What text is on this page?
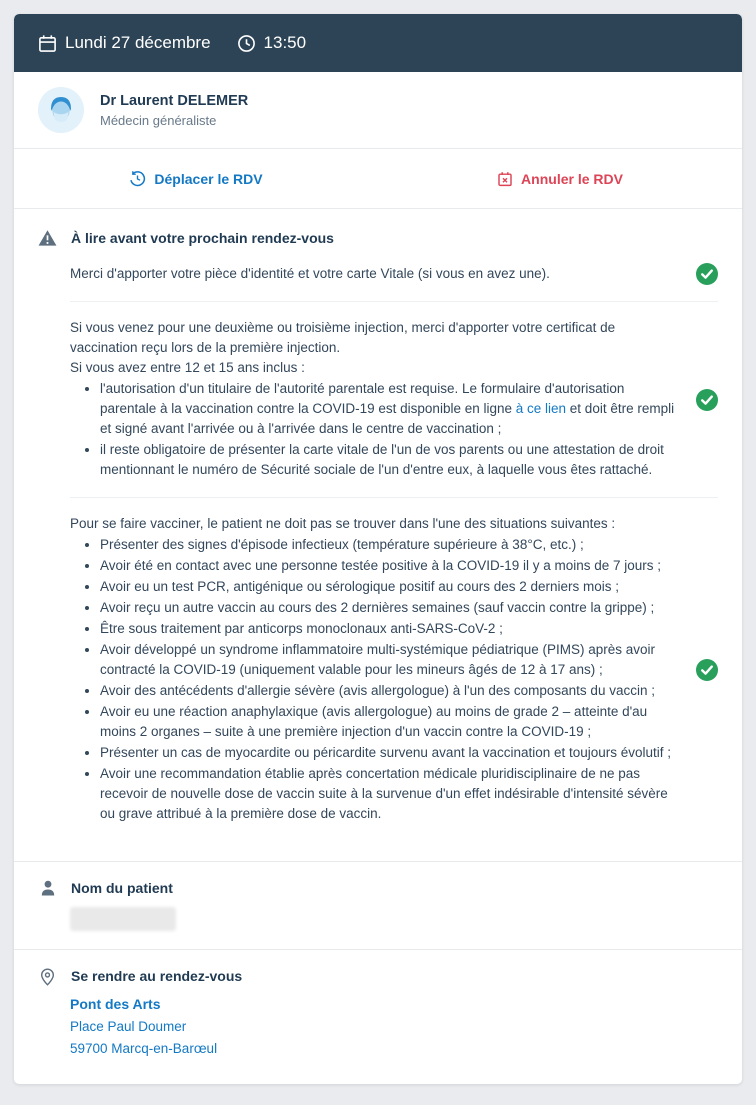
Lundi 27 décembre	13:50
Dr Laurent DELEMER
Médecin généraliste
Déplacer le RDV	Annuler le RDV
À lire avant votre prochain rendez-vous
Merci d'apporter votre pièce d'identité et votre carte Vitale (si vous en avez une).

Si vous venez pour une deuxième ou troisième injection, merci d'apporter votre certificat de vaccination reçu lors de la première injection.

Si vous avez entre 12 et 15 ans inclus :

• l'autorisation d'un titulaire de l'autorité parentale est requise. Le formulaire d'autorisation parentale à la vaccination contre la COVID-19 est disponible en ligne à ce lien et doit être rempli et signé avant l'arrivée ou à l'arrivée dans le centre de vaccination ;
• il reste obligatoire de présenter la carte vitale de l'un de vos parents ou une attestation de droit mentionnant le numéro de Sécurité sociale de l'un d'entre eux, à laquelle vous êtes rattaché.

Pour se faire vacciner, le patient ne doit pas se trouver dans l'une des situations suivantes :

• Présenter des signes d'épisode infectieux (température supérieure à 38°C, etc.) ;
• Avoir été en contact avec une personne testée positive à la COVID-19 il y a moins de 7 jours ;
• Avoir eu un test PCR, antigénique ou sérologique positif au cours des 2 derniers mois ;
• Avoir reçu un autre vaccin au cours des 2 dernières semaines (sauf vaccin contre la grippe) ;
• Être sous traitement par anticorps monoclonaux anti-SARS-CoV-2 ;
• Avoir développé un syndrome inflammatoire multi-systémique pédiatrique (PIMS) après avoir contracté la COVID-19 (uniquement valable pour les mineurs âgés de 12 à 17 ans) ;
• Avoir des antécédents d'allergie sévère (avis allergologue) à l'un des composants du vaccin ;
• Avoir eu une réaction anaphylaxique (avis allergologue) au moins de grade 2 – atteinte d'au moins 2 organes – suite à une première injection d'un vaccin contre la COVID-19 ;
• Présenter un cas de myocardite ou péricardite survenu avant la vaccination et toujours évolutif ;
• Avoir une recommandation établie après concertation médicale pluridisciplinaire de ne pas recevoir de nouvelle dose de vaccin suite à la survenue d'un effet indésirable d'intensité sévère ou grave attribué à la première dose de vaccin.
Nom du patient
Se rendre au rendez-vous
Pont des Arts
Place Paul Doumer
59700 Marcq-en-Barœul
